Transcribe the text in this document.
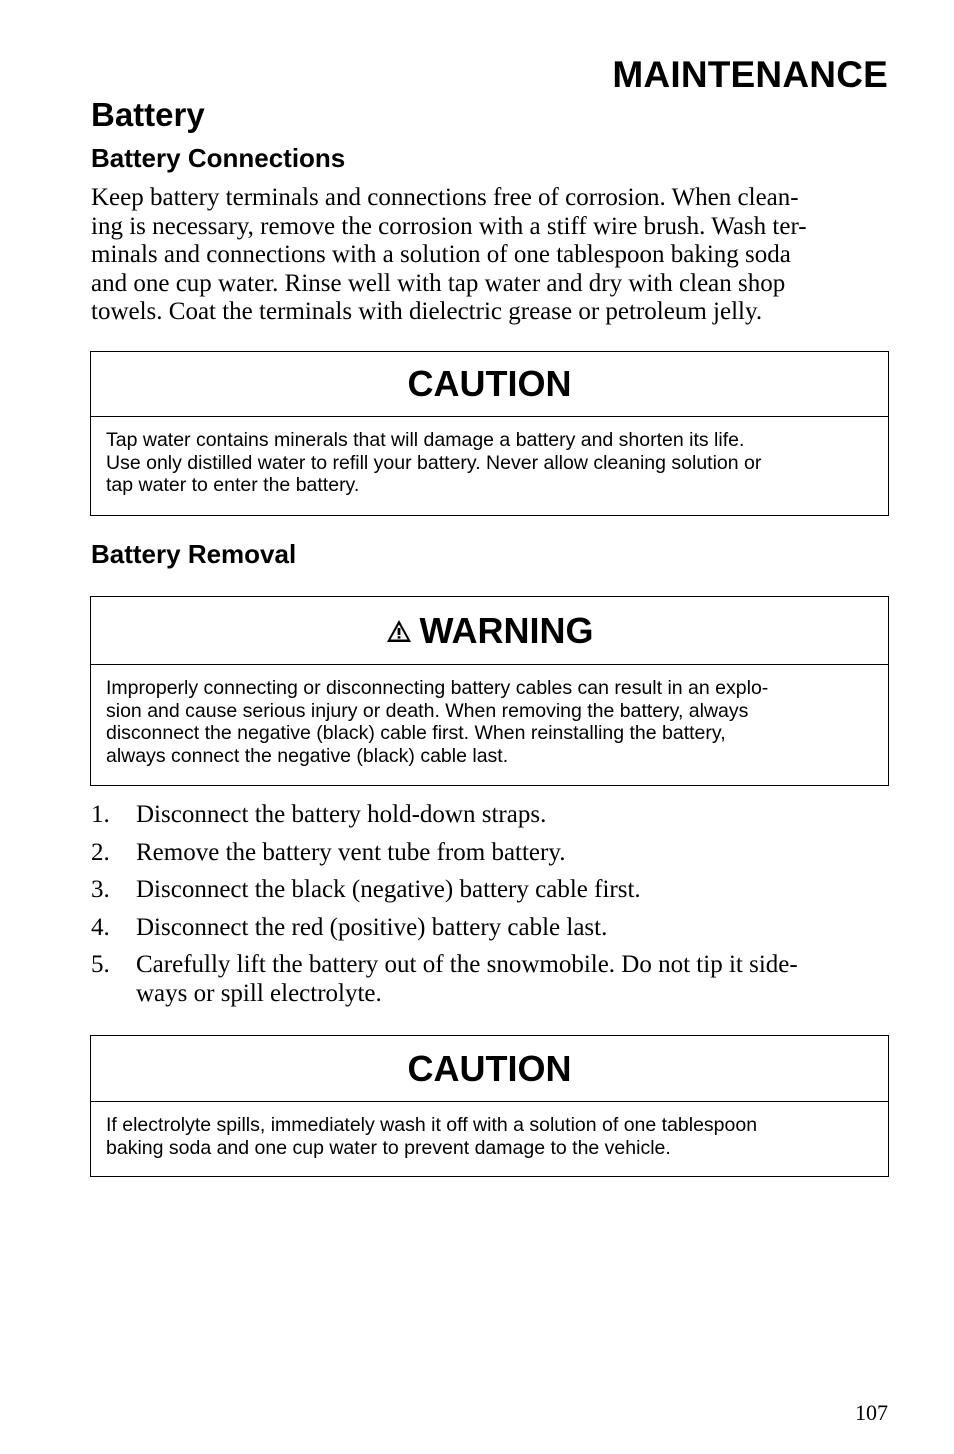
MAINTENANCE
Battery
Battery Connections
Keep battery terminals and connections free of corrosion. When clean-
ing is necessary, remove the corrosion with a stiff wire brush. Wash ter-
minals and connections with a solution of one tablespoon baking soda
and one cup water. Rinse well with tap water and dry with clean shop
towels. Coat the terminals with dielectric grease or petroleum jelly.
CAUTION
Tap water contains minerals that will damage a battery and shorten its life.
Use only distilled water to refill your battery. Never allow cleaning solution or
tap water to enter the battery.
Battery Removal
WARNING
Improperly connecting or disconnecting battery cables can result in an explo-
sion and cause serious injury or death. When removing the battery, always
disconnect the negative (black) cable first. When reinstalling the battery,
always connect the negative (black) cable last.
1.	Disconnect the battery hold-down straps.
2.	Remove the battery vent tube from battery.
3.	Disconnect the black (negative) battery cable first.
4.	Disconnect the red (positive) battery cable last.
5.	Carefully lift the battery out of the snowmobile. Do not tip it side-
ways or spill electrolyte.
CAUTION
If electrolyte spills, immediately wash it off with a solution of one tablespoon
baking soda and one cup water to prevent damage to the vehicle.
107
